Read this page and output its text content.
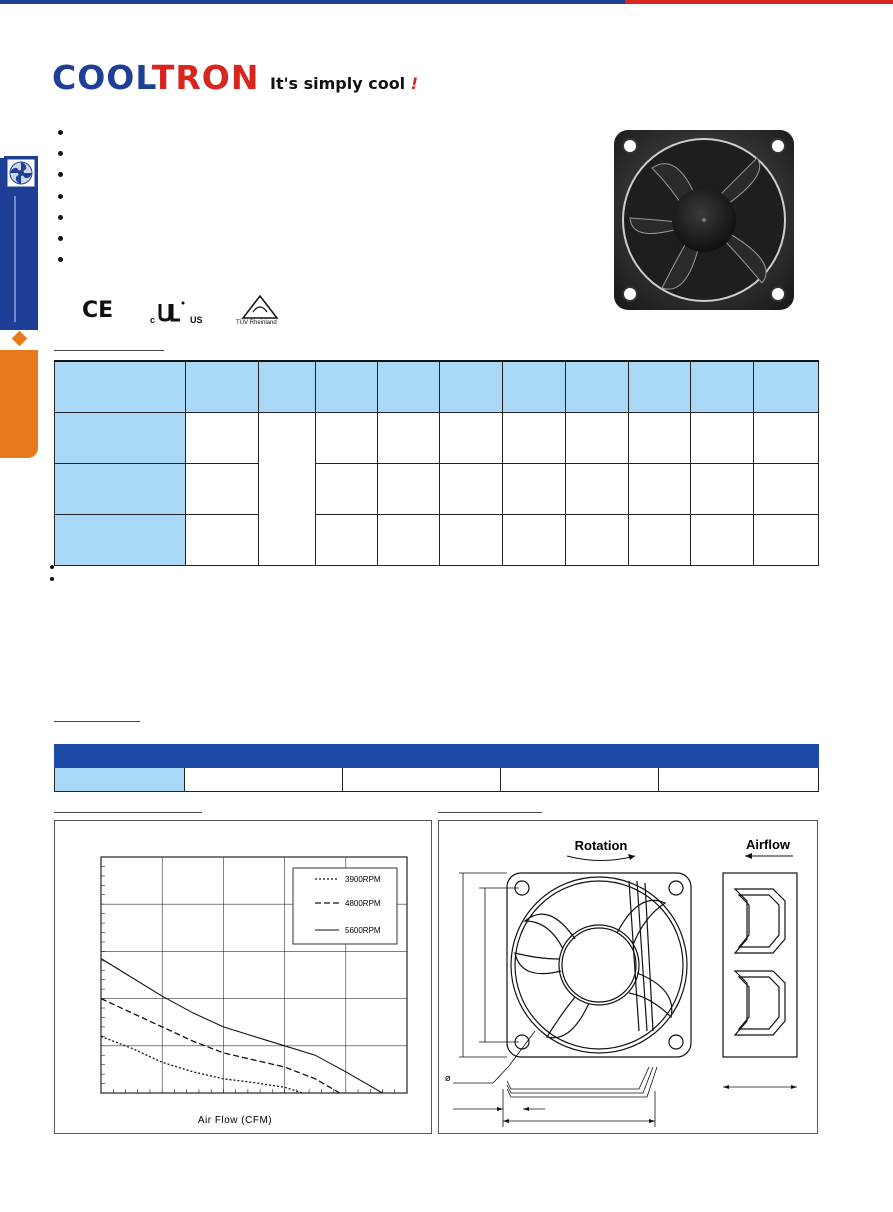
COOLTRON It's simply cool !
CE	c	US	TÜV Rheinland

3900RPM
4800RPM
5600RPM
Air Flow (CFM)
Rotation	Airflow
ø
